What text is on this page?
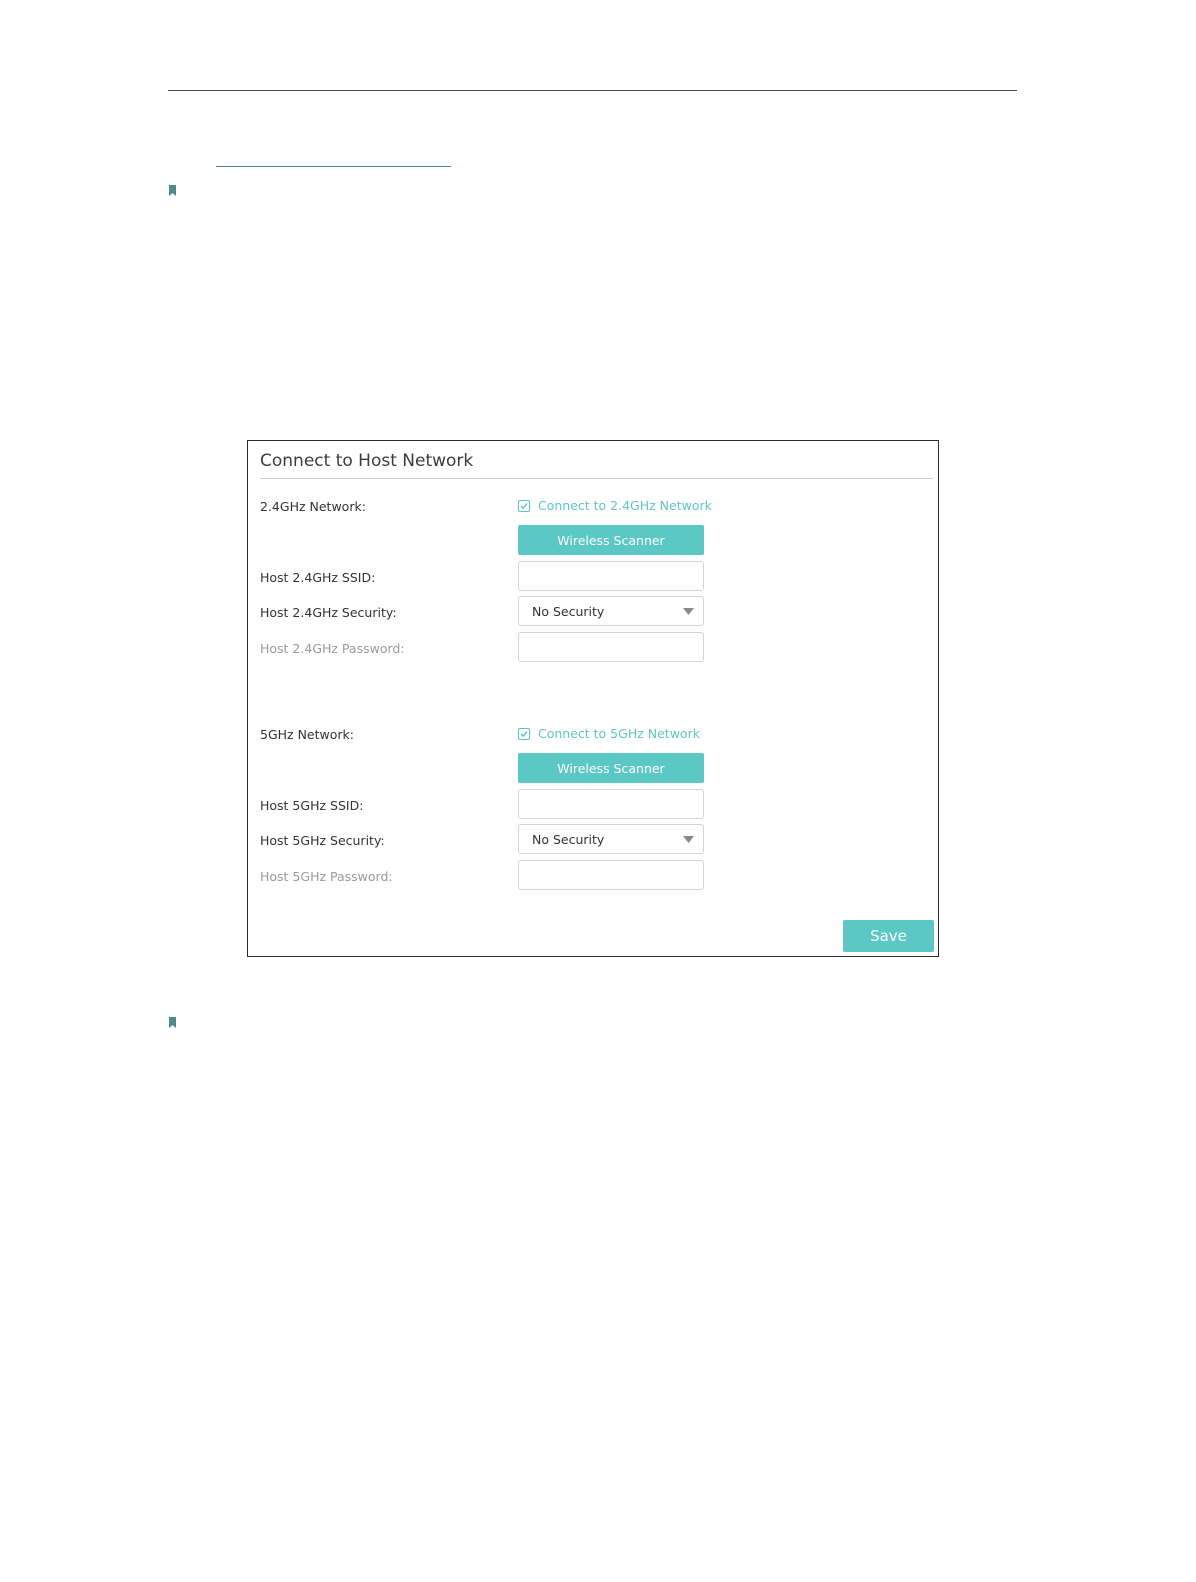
Connect to Host Network
2.4GHz Network:	Connect to 2.4GHz Network
Wireless Scanner
Host 2.4GHz SSID:
Host 2.4GHz Security:	No Security
Host 2.4GHz Password:
5GHz Network:	Connect to 5GHz Network
Wireless Scanner
Host 5GHz SSID:
Host 5GHz Security:	No Security
Host 5GHz Password:
Save
